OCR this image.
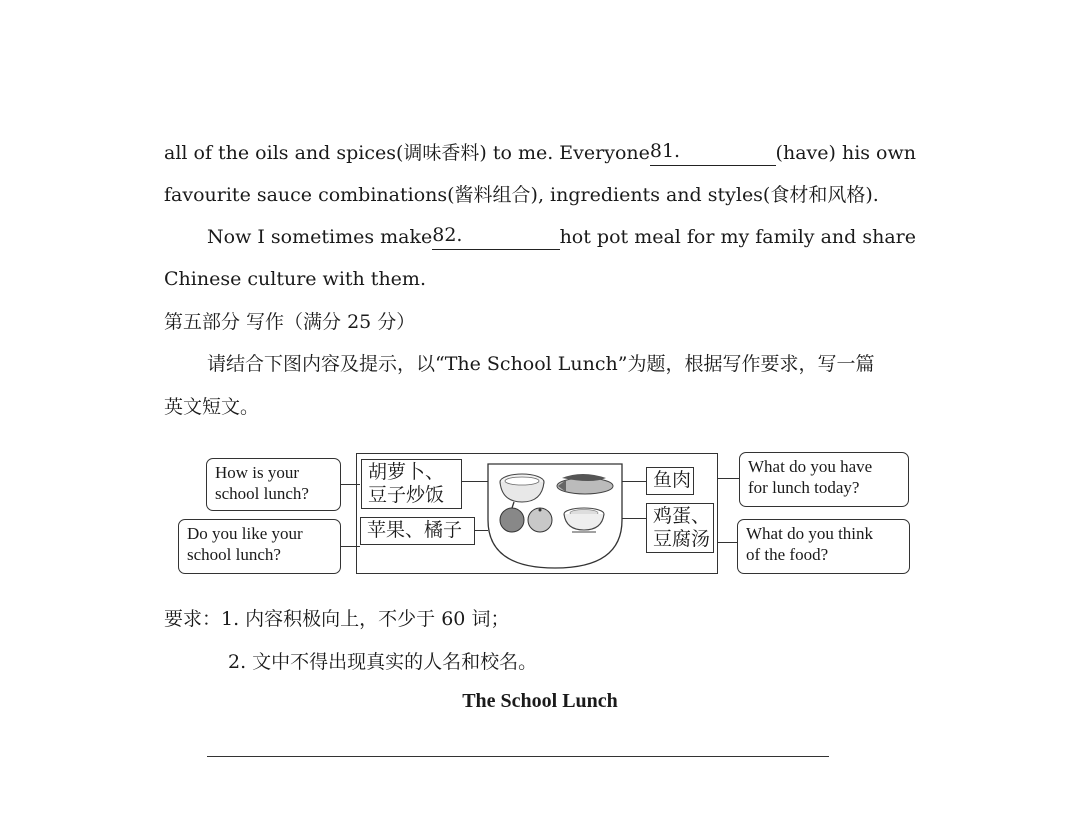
all of the oils and spices(调味香料) to me. Everyone 81.	(have) his own
favourite sauce combinations(酱料组合), ingredients and styles(食材和风格).
Now I sometimes make 82.	hot pot meal for my family and share
Chinese culture with them.
第五部分 写作（满分 25 分）
请结合下图内容及提示，以“The School Lunch”为题，根据写作要求，写一篇
英文短文。
胡萝卜、
豆子炒饭
苹果、橘子
鱼肉
鸡蛋、
豆腐汤
How is your
school lunch?
Do you like your
school lunch?
What do you have
for lunch today?
What do you think
of the food?
要求：1. 内容积极向上，不少于 60 词；
2. 文中不得出现真实的人名和校名。
The School Lunch
